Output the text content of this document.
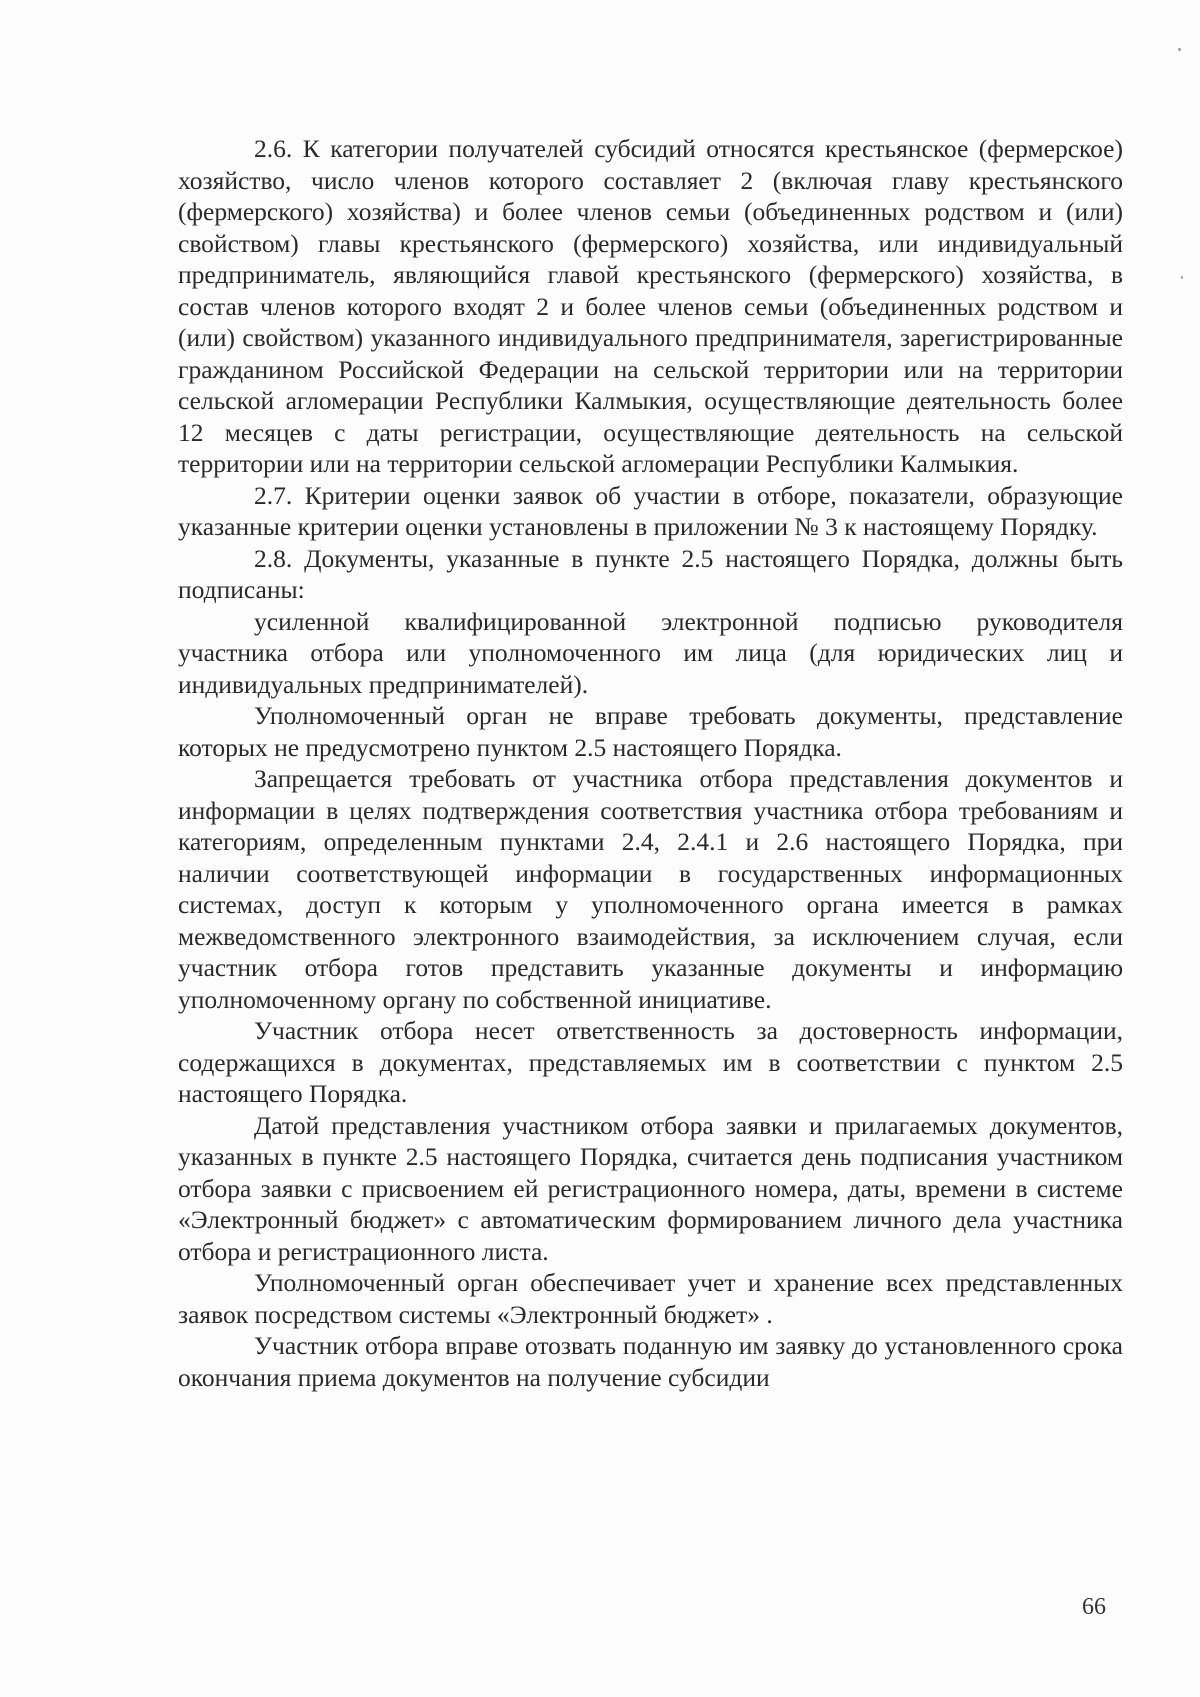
2.6. К категории получателей субсидий относятся крестьянское (фермерское) хозяйство, число членов которого составляет 2 (включая главу крестьянского (фермерского) хозяйства) и более членов семьи (объединенных родством и (или) свойством) главы крестьянского (фермерского) хозяйства, или индивидуальный предприниматель, являющийся главой крестьянского (фермерского) хозяйства, в состав членов которого входят 2 и более членов семьи (объединенных родством и (или) свойством) указанного индивидуального предпринимателя, зарегистрированные гражданином Российской Федерации на сельской территории или на территории сельской агломерации Республики Калмыкия, осуществляющие деятельность более 12 месяцев с даты регистрации, осуществляющие деятельность на сельской территории или на территории сельской агломерации Республики Калмыкия.

2.7. Критерии оценки заявок об участии в отборе, показатели, образующие указанные критерии оценки установлены в приложении № 3 к настоящему Порядку.

2.8. Документы, указанные в пункте 2.5 настоящего Порядка, должны быть подписаны:

усиленной квалифицированной электронной подписью руководителя участника отбора или уполномоченного им лица (для юридических лиц и индивидуальных предпринимателей).

Уполномоченный орган не вправе требовать документы, представление которых не предусмотрено пунктом 2.5 настоящего Порядка.

Запрещается требовать от участника отбора представления документов и информации в целях подтверждения соответствия участника отбора требованиям и категориям, определенным пунктами 2.4, 2.4.1 и 2.6 настоящего Порядка, при наличии соответствующей информации в государственных информационных системах, доступ к которым у уполномоченного органа имеется в рамках межведомственного электронного взаимодействия, за исключением случая, если участник отбора готов представить указанные документы и информацию уполномоченному органу по собственной инициативе.

Участник отбора несет ответственность за достоверность информации, содержащихся в документах, представляемых им в соответствии с пунктом 2.5 настоящего Порядка.

Датой представления участником отбора заявки и прилагаемых документов, указанных в пункте 2.5 настоящего Порядка, считается день подписания участником отбора заявки с присвоением ей регистрационного номера, даты, времени в системе «Электронный бюджет» с автоматическим формированием личного дела участника отбора и регистрационного листа.

Уполномоченный орган обеспечивает учет и хранение всех представленных заявок посредством системы «Электронный бюджет» .

Участник отбора вправе отозвать поданную им заявку до установленного срока окончания приема документов на получение субсидии

66
